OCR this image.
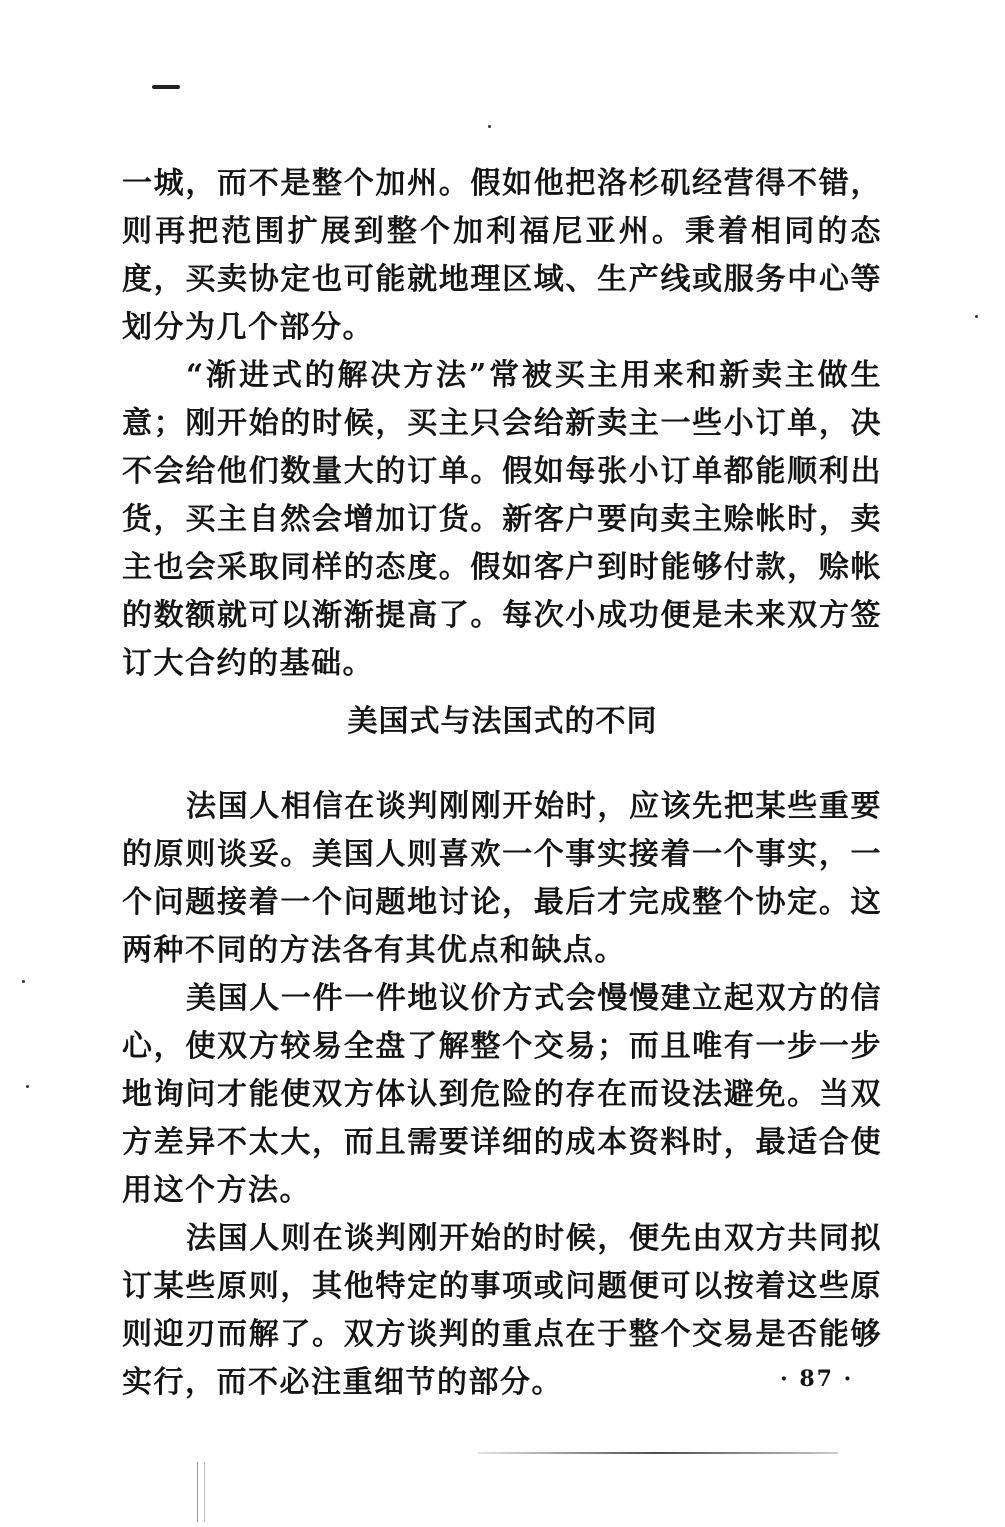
一城，而不是整个加州。假如他把洛杉矶经营得不错，则再把范围扩展到整个加利福尼亚州。秉着相同的态度，买卖协定也可能就地理区域、生产线或服务中心等划分为几个部分。

“渐进式的解决方法”常被买主用来和新卖主做生意；刚开始的时候，买主只会给新卖主一些小订单，决不会给他们数量大的订单。假如每张小订单都能顺利出货，买主自然会增加订货。新客户要向卖主赊帐时，卖主也会采取同样的态度。假如客户到时能够付款，赊帐的数额就可以渐渐提高了。每次小成功便是未来双方签订大合约的基础。

美国式与法国式的不同

法国人相信在谈判刚刚开始时，应该先把某些重要的原则谈妥。美国人则喜欢一个事实接着一个事实，一个问题接着一个问题地讨论，最后才完成整个协定。这两种不同的方法各有其优点和缺点。

美国人一件一件地议价方式会慢慢建立起双方的信心，使双方较易全盘了解整个交易；而且唯有一步一步地询问才能使双方体认到危险的存在而设法避免。当双方差异不太大，而且需要详细的成本资料时，最适合使用这个方法。

法国人则在谈判刚开始的时候，便先由双方共同拟订某些原则，其他特定的事项或问题便可以按着这些原则迎刃而解了。双方谈判的重点在于整个交易是否能够实行，而不必注重细节的部分。	· 87 ·
